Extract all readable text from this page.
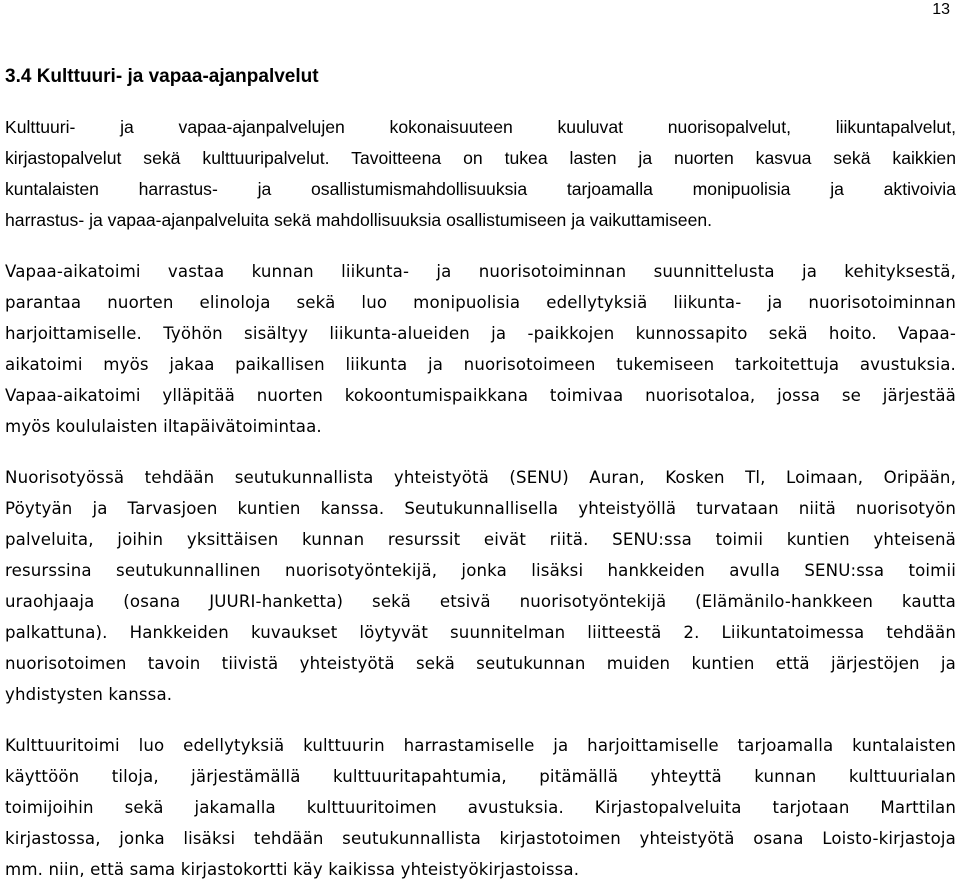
13
3.4 Kulttuuri- ja vapaa-ajanpalvelut
Kulttuuri- ja vapaa-ajanpalvelujen kokonaisuuteen kuuluvat nuorisopalvelut, liikuntapalvelut,
kirjastopalvelut sekä kulttuuripalvelut. Tavoitteena on tukea lasten ja nuorten kasvua sekä kaikkien
kuntalaisten harrastus- ja osallistumismahdollisuuksia tarjoamalla monipuolisia ja aktivoivia
harrastus- ja vapaa-ajanpalveluita sekä mahdollisuuksia osallistumiseen ja vaikuttamiseen.
Vapaa-aikatoimi vastaa kunnan liikunta- ja nuorisotoiminnan suunnittelusta ja kehityksestä,
parantaa nuorten elinoloja sekä luo monipuolisia edellytyksiä liikunta- ja nuorisotoiminnan
harjoittamiselle. Työhön sisältyy liikunta-alueiden ja -paikkojen kunnossapito sekä hoito. Vapaa-
aikatoimi myös jakaa paikallisen liikunta ja nuorisotoimeen tukemiseen tarkoitettuja avustuksia.
Vapaa-aikatoimi ylläpitää nuorten kokoontumispaikkana toimivaa nuorisotaloa, jossa se järjestää
myös koululaisten iltapäivätoimintaa.
Nuorisotyössä tehdään seutukunnallista yhteistyötä (SENU) Auran, Kosken Tl, Loimaan, Oripään,
Pöytyän ja Tarvasjoen kuntien kanssa. Seutukunnallisella yhteistyöllä turvataan niitä nuorisotyön
palveluita, joihin yksittäisen kunnan resurssit eivät riitä. SENU:ssa toimii kuntien yhteisenä
resurssina seutukunnallinen nuorisotyöntekijä, jonka lisäksi hankkeiden avulla SENU:ssa toimii
uraohjaaja (osana JUURI-hanketta) sekä etsivä nuorisotyöntekijä (Elämänilo-hankkeen kautta
palkattuna). Hankkeiden kuvaukset löytyvät suunnitelman liitteestä 2. Liikuntatoimessa tehdään
nuorisotoimen tavoin tiivistä yhteistyötä sekä seutukunnan muiden kuntien että järjestöjen ja
yhdistysten kanssa.
Kulttuuritoimi luo edellytyksiä kulttuurin harrastamiselle ja harjoittamiselle tarjoamalla kuntalaisten
käyttöön tiloja, järjestämällä kulttuuritapahtumia, pitämällä yhteyttä kunnan kulttuurialan
toimijoihin sekä jakamalla kulttuuritoimen avustuksia. Kirjastopalveluita tarjotaan Marttilan
kirjastossa, jonka lisäksi tehdään seutukunnallista kirjastotoimen yhteistyötä osana Loisto-kirjastoja
mm. niin, että sama kirjastokortti käy kaikissa yhteistyökirjastoissa.
